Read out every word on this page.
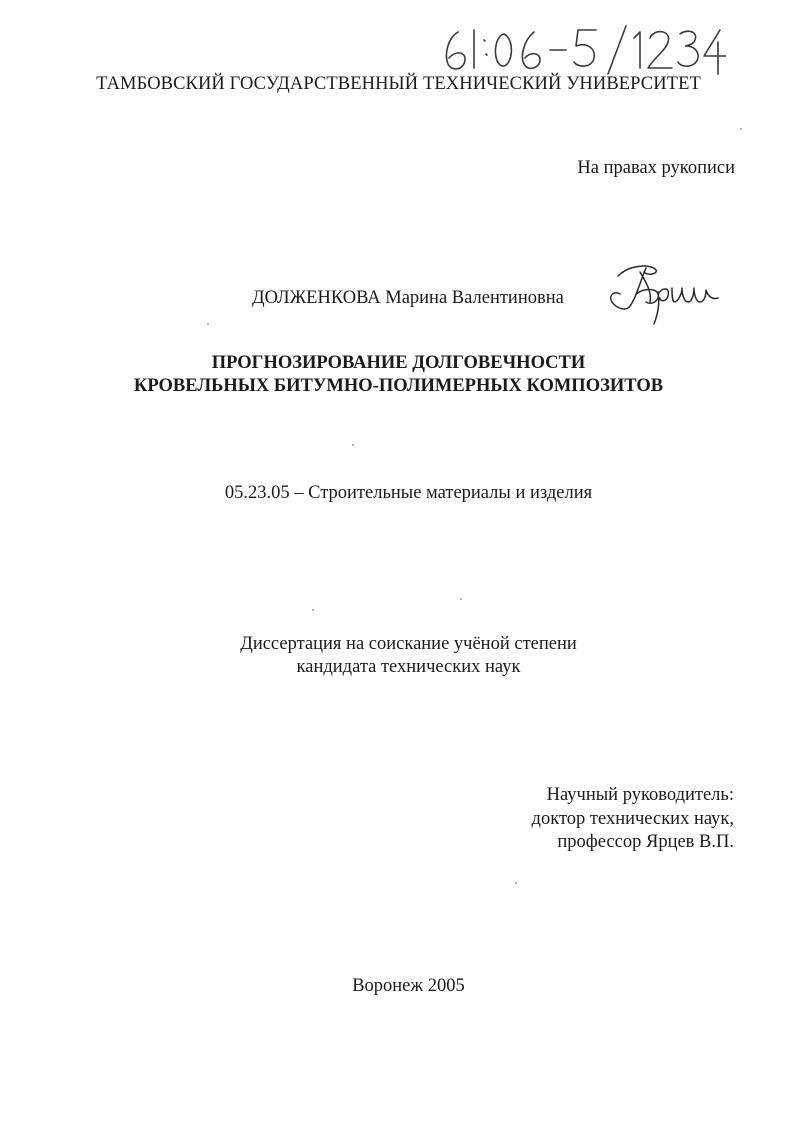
ТАМБОВСКИЙ ГОСУДАРСТВЕННЫЙ ТЕХНИЧЕСКИЙ УНИВЕРСИТЕТ
На правах рукописи
ДОЛЖЕНКОВА Марина Валентиновна
ПРОГНОЗИРОВАНИЕ ДОЛГОВЕЧНОСТИ
КРОВЕЛЬНЫХ БИТУМНО-ПОЛИМЕРНЫХ КОМПОЗИТОВ
05.23.05 – Строительные материалы и изделия
Диссертация на соискание учёной степени
кандидата технических наук
Научный руководитель:
доктор технических наук,
профессор Ярцев В.П.
Воронеж 2005
